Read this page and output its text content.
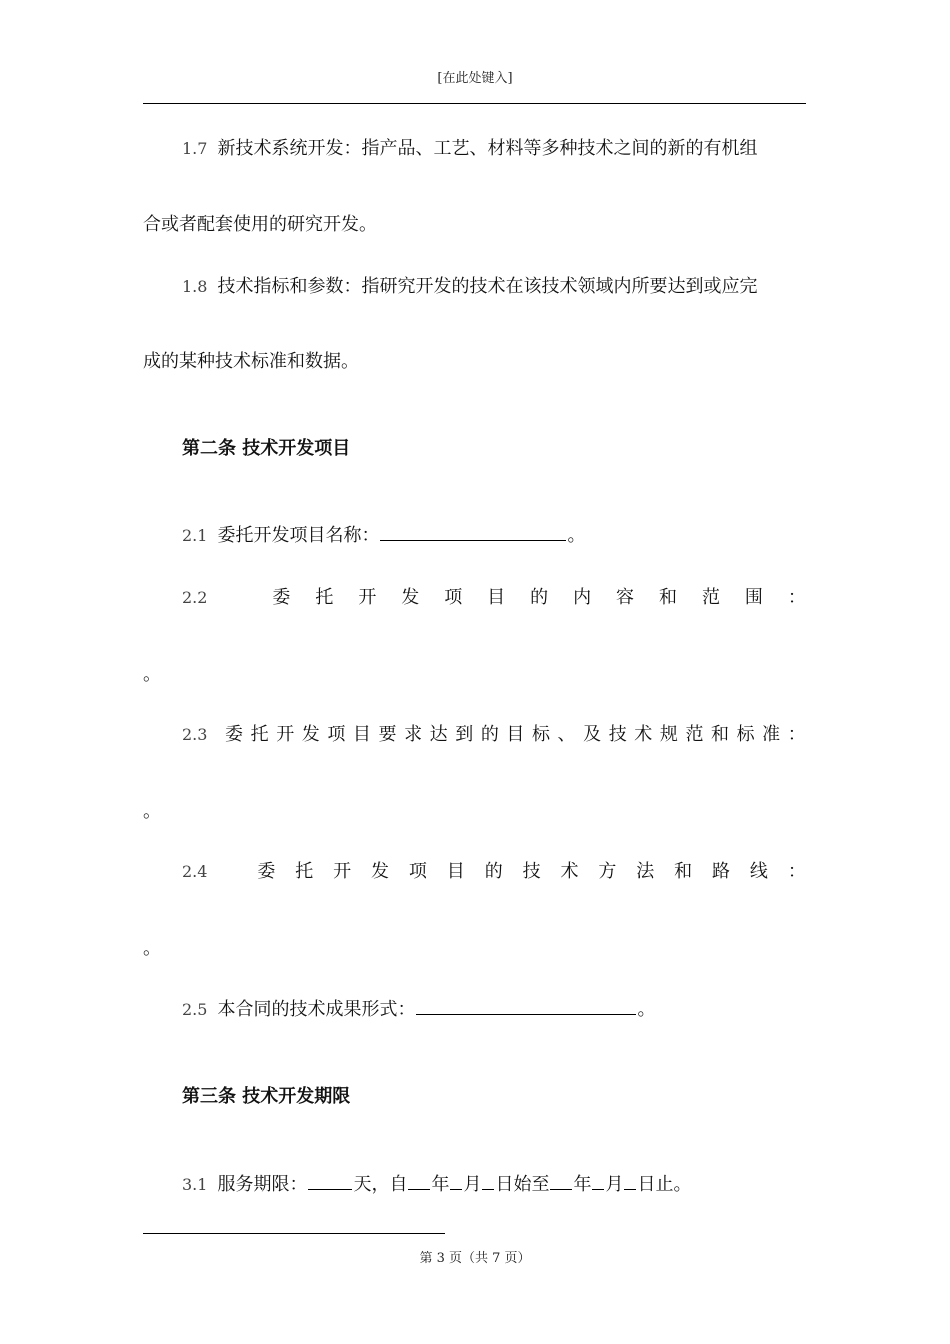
[在此处键入]
1.7 新技术系统开发：指产品、工艺、材料等多种技术之间的新的有机组
合或者配套使用的研究开发。
1.8 技术指标和参数：指研究开发的技术在该技术领域内所要达到或应完
成的某种技术标准和数据。
第二条 技术开发项目
2.1 委托开发项目名称：	。
2.2	委 托 开 发 项 目 的 内 容 和 范 围 ：
。
2.3 委 托 开 发 项 目 要 求 达 到 的 目 标 、 及 技 术 规 范 和 标 准 ：
。
2.4	委 托 开 发 项 目 的 技 术 方 法 和 路 线 ：
。
2.5 本合同的技术成果形式：	。
第三条 技术开发期限
3.1 服务期限：	天，自 年 月 日始至 年 月 日止。
第 3 页（共 7 页）
